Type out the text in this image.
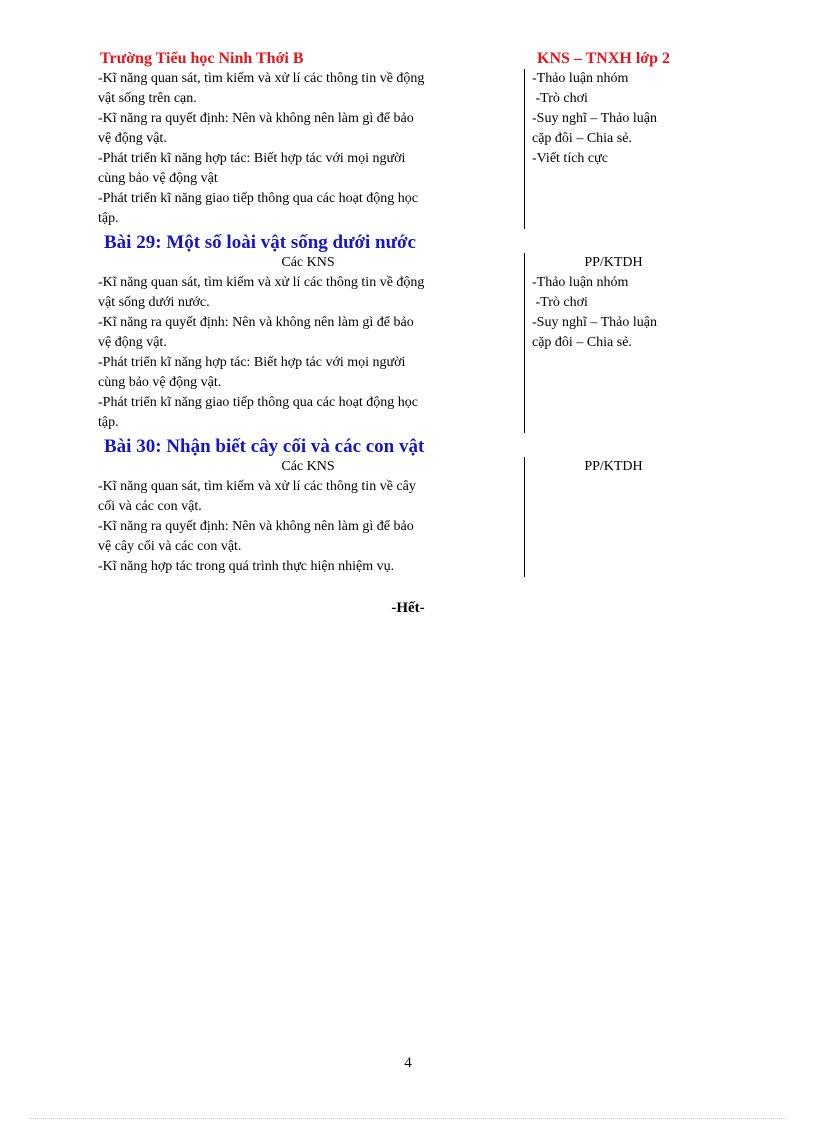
Trường Tiểu học Ninh Thới B	KNS – TNXH lớp 2
-Kĩ năng quan sát, tìm kiếm và xử lí các thông tin về động
vật sống trên cạn.
-Kĩ năng ra quyết định: Nên và không nên làm gì để bảo
vệ động vật.
-Phát triển kĩ năng hợp tác: Biết hợp tác với mọi người
cùng bảo vệ động vật
-Phát triển kĩ năng giao tiếp thông qua các hoạt động học
tập.
-Thảo luận nhóm
-Trò chơi
-Suy nghĩ – Thảo luận
cặp đôi – Chia sẻ.
-Viết tích cực
Bài 29: Một số loài vật sống dưới nước
Các KNS
-Kĩ năng quan sát, tìm kiếm và xử lí các thông tin về động
vật sống dưới nước.
-Kĩ năng ra quyết định: Nên và không nên làm gì để bảo
vệ động vật.
-Phát triển kĩ năng hợp tác: Biết hợp tác với mọi người
cùng bảo vệ động vật.
-Phát triển kĩ năng giao tiếp thông qua các hoạt động học
tập.
PP/KTDH
-Thảo luận nhóm
-Trò chơi
-Suy nghĩ – Thảo luận
cặp đôi – Chia sẻ.
Bài 30: Nhận biết cây cối và các con vật
Các KNS
-Kĩ năng quan sát, tìm kiếm và xử lí các thông tin về cây
cối và các con vật.
-Kĩ năng ra quyết định: Nên và không nên làm gì để bảo
vệ cây cối và các con vật.
-Kĩ năng hợp tác trong quá trình thực hiện nhiệm vụ.
PP/KTDH
-Hết-
4
